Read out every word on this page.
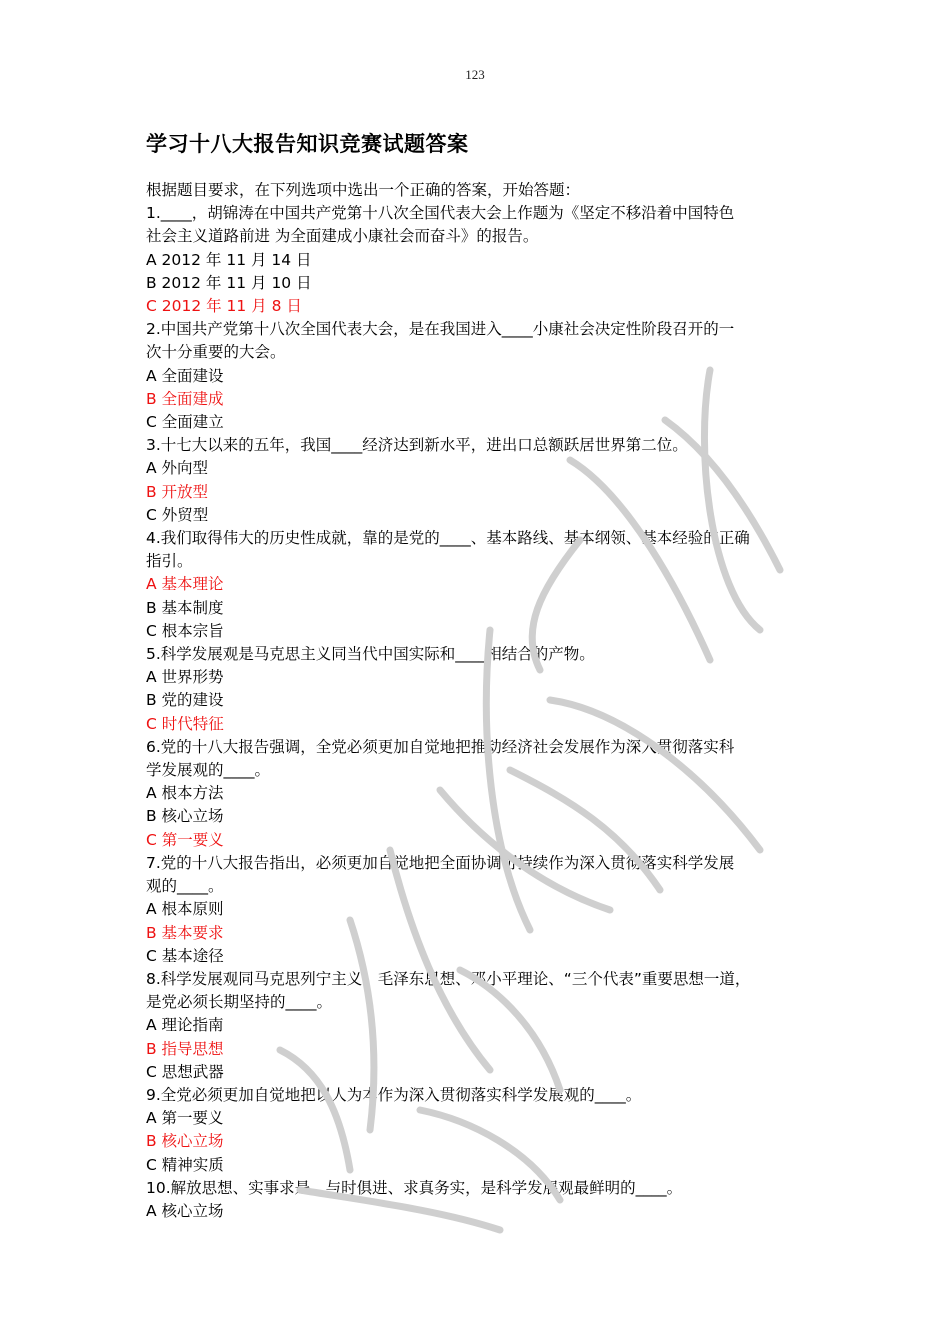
123
学习十八大报告知识竞赛试题答案
根据题目要求，在下列选项中选出一个正确的答案，开始答题：
1.____，胡锦涛在中国共产党第十八次全国代表大会上作题为《坚定不移沿着中国特色
社会主义道路前进 为全面建成小康社会而奋斗》的报告。
A 2012 年 11 月 14 日
B 2012 年 11 月 10 日
C 2012 年 11 月 8 日
2.中国共产党第十八次全国代表大会，是在我国进入____小康社会决定性阶段召开的一
次十分重要的大会。
A 全面建设
B 全面建成
C 全面建立
3.十七大以来的五年，我国____经济达到新水平，进出口总额跃居世界第二位。
A 外向型
B 开放型
C 外贸型
4.我们取得伟大的历史性成就，靠的是党的____、基本路线、基本纲领、基本经验的正确
指引。
A 基本理论
B 基本制度
C 根本宗旨
5.科学发展观是马克思主义同当代中国实际和____相结合的产物。
A 世界形势
B 党的建设
C 时代特征
6.党的十八大报告强调，全党必须更加自觉地把推动经济社会发展作为深入贯彻落实科
学发展观的____。
A 根本方法
B 核心立场
C 第一要义
7.党的十八大报告指出，必须更加自觉地把全面协调可持续作为深入贯彻落实科学发展
观的____。
A 根本原则
B 基本要求
C 基本途径
8.科学发展观同马克思列宁主义、毛泽东思想、邓小平理论、“三个代表”重要思想一道，
是党必须长期坚持的____。
A 理论指南
B 指导思想
C 思想武器
9.全党必须更加自觉地把以人为本作为深入贯彻落实科学发展观的____。
A 第一要义
B 核心立场
C 精神实质
10.解放思想、实事求是、与时俱进、求真务实，是科学发展观最鲜明的____。
A 核心立场
